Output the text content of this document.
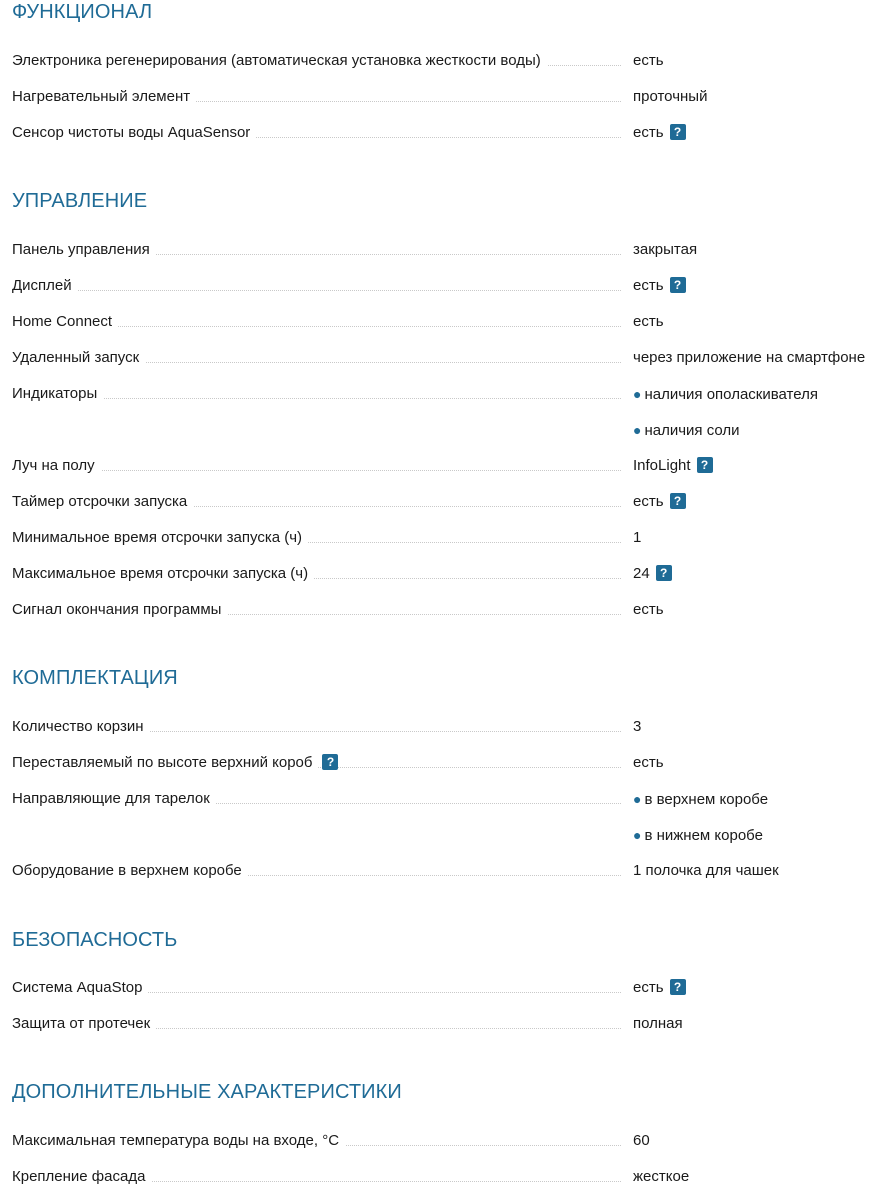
ФУНКЦИОНАЛ
Электроника регенерирования (автоматическая установка жесткости воды)	есть
Нагревательный элемент	проточный
Сенсор чистоты воды AquaSensor	есть ?
УПРАВЛЕНИЕ
Панель управления	закрытая
Дисплей	есть ?
Home Connect	есть
Удаленный запуск	через приложение на смартфоне
Индикаторы	● наличия ополаскивателя
● наличия соли
Луч на полу	InfoLight ?
Таймер отсрочки запуска	есть ?
Минимальное время отсрочки запуска (ч)	1
Максимальное время отсрочки запуска (ч)	24 ?
Сигнал окончания программы	есть
КОМПЛЕКТАЦИЯ
Количество корзин	3
Переставляемый по высоте верхний короб ?	есть
Направляющие для тарелок	● в верхнем коробе
● в нижнем коробе
Оборудование в верхнем коробе	1 полочка для чашек
БЕЗОПАСНОСТЬ
Система AquaStop	есть ?
Защита от протечек	полная
ДОПОЛНИТЕЛЬНЫЕ ХАРАКТЕРИСТИКИ
Максимальная температура воды на входе, °C	60
Крепление фасада	жесткое
